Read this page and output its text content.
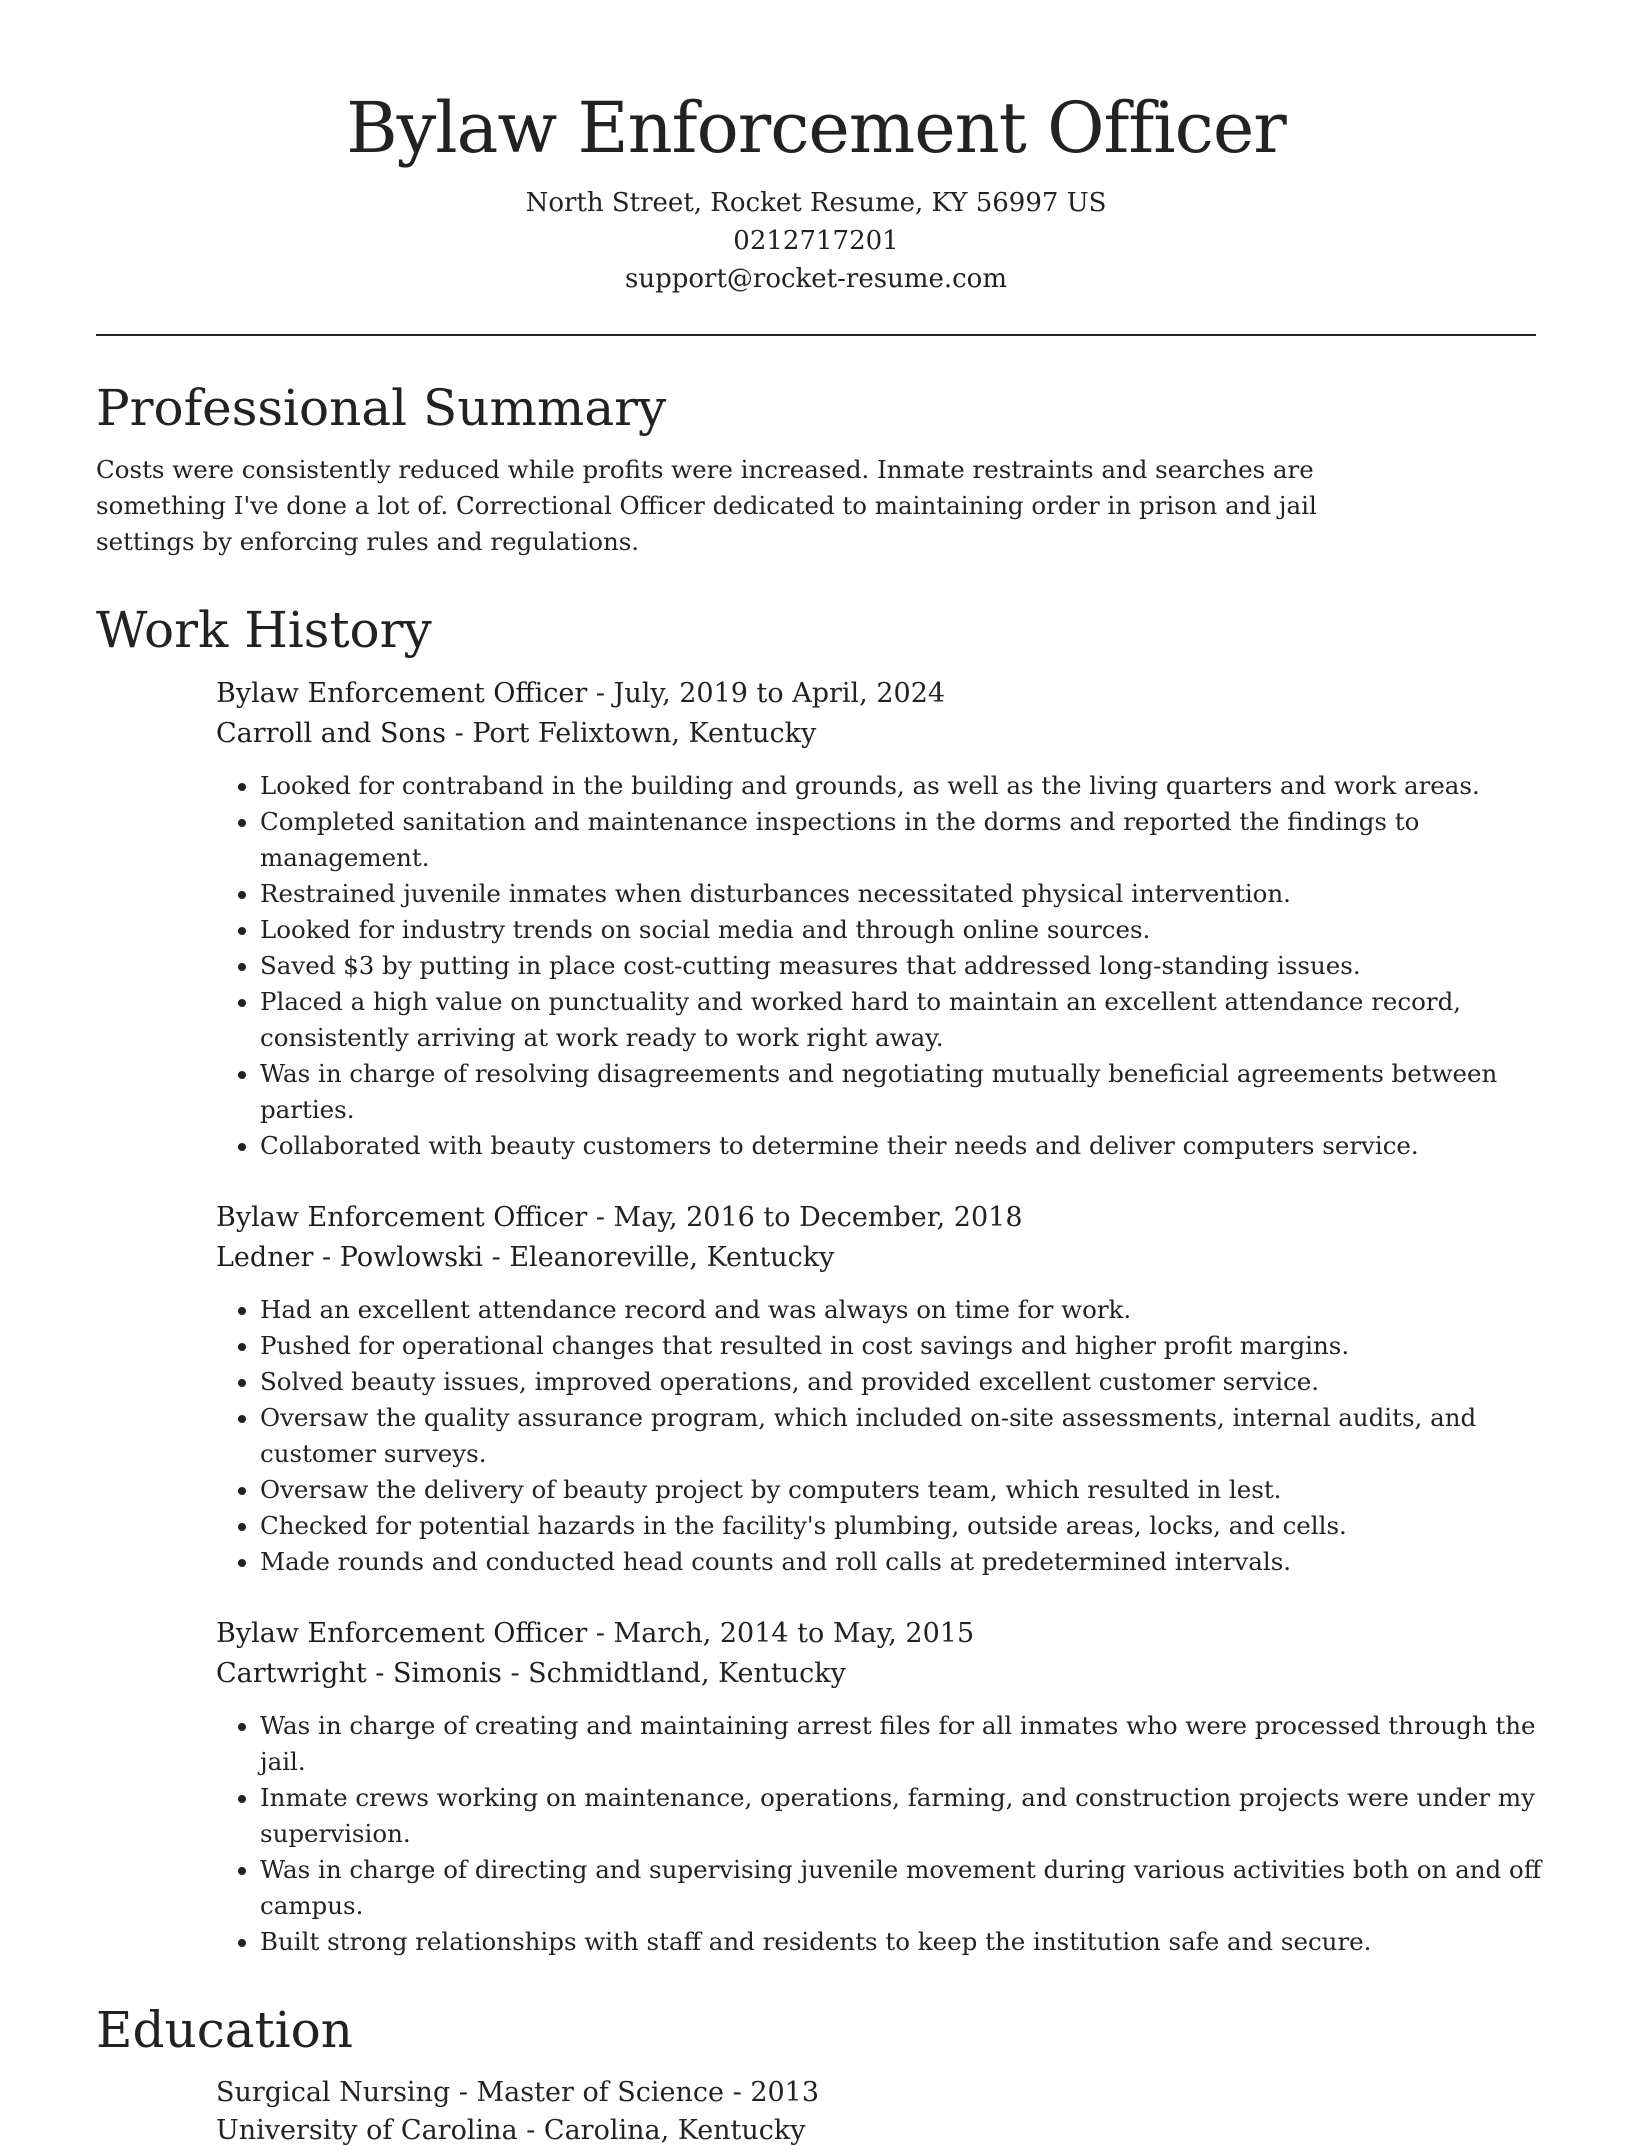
Bylaw Enforcement Officer

North Street, Rocket Resume, KY 56997 US

0212717201

support@rocket-resume.com

Professional Summary

Costs were consistently reduced while profits were increased. Inmate restraints and searches are something I've done a lot of. Correctional Officer dedicated to maintaining order in prison and jail settings by enforcing rules and regulations.

Work History

Bylaw Enforcement Officer - July, 2019 to April, 2024

Carroll and Sons - Port Felixtown, Kentucky

• Looked for contraband in the building and grounds, as well as the living quarters and work areas.
• Completed sanitation and maintenance inspections in the dorms and reported the findings to management.
• Restrained juvenile inmates when disturbances necessitated physical intervention.
• Looked for industry trends on social media and through online sources.
• Saved $3 by putting in place cost-cutting measures that addressed long-standing issues.
• Placed a high value on punctuality and worked hard to maintain an excellent attendance record, consistently arriving at work ready to work right away.
• Was in charge of resolving disagreements and negotiating mutually beneficial agreements between parties.
• Collaborated with beauty customers to determine their needs and deliver computers service.

Bylaw Enforcement Officer - May, 2016 to December, 2018

Ledner - Powlowski - Eleanoreville, Kentucky

• Had an excellent attendance record and was always on time for work.
• Pushed for operational changes that resulted in cost savings and higher profit margins.
• Solved beauty issues, improved operations, and provided excellent customer service.
• Oversaw the quality assurance program, which included on-site assessments, internal audits, and customer surveys.
• Oversaw the delivery of beauty project by computers team, which resulted in lest.
• Checked for potential hazards in the facility's plumbing, outside areas, locks, and cells.
• Made rounds and conducted head counts and roll calls at predetermined intervals.

Bylaw Enforcement Officer - March, 2014 to May, 2015

Cartwright - Simonis - Schmidtland, Kentucky

• Was in charge of creating and maintaining arrest files for all inmates who were processed through the jail.
• Inmate crews working on maintenance, operations, farming, and construction projects were under my supervision.
• Was in charge of directing and supervising juvenile movement during various activities both on and off campus.
• Built strong relationships with staff and residents to keep the institution safe and secure.
Education

Surgical Nursing - Master of Science - 2013

University of Carolina - Carolina, Kentucky
